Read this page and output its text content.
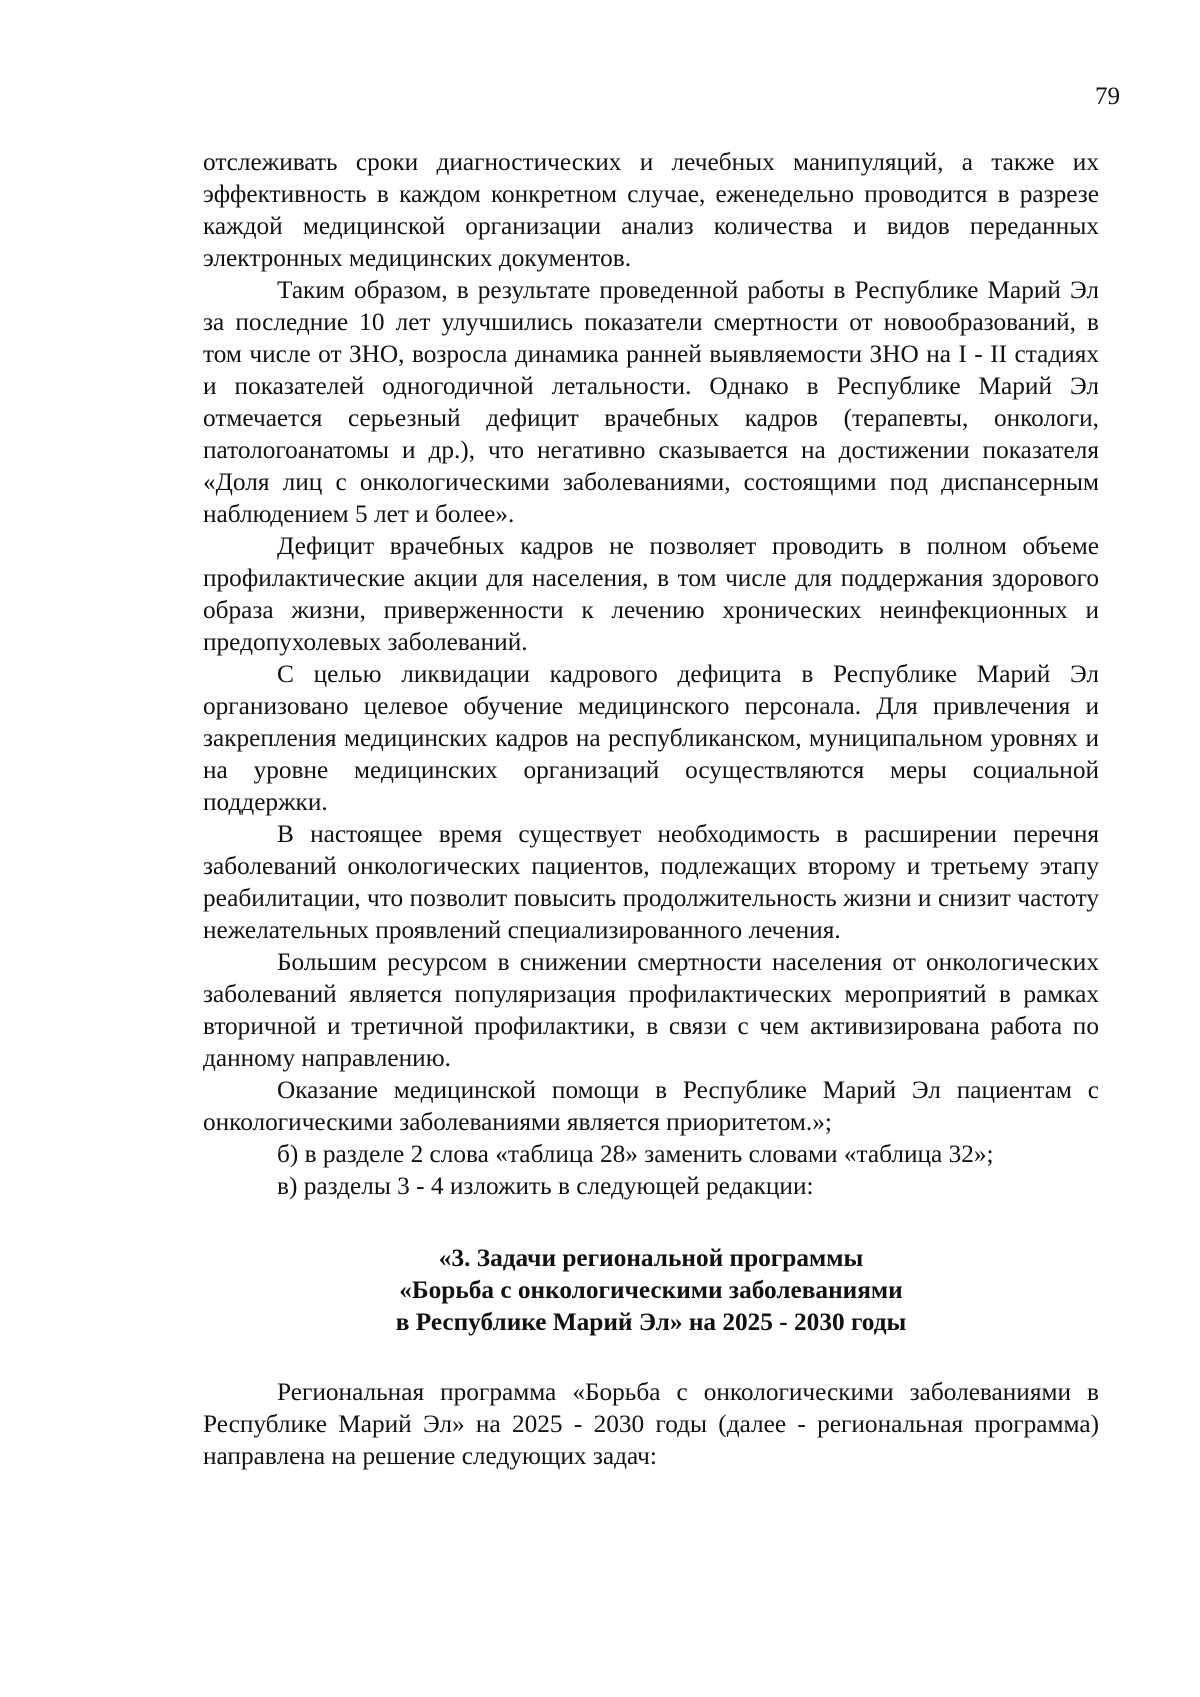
79

отслеживать сроки диагностических и лечебных манипуляций, а также их эффективность в каждом конкретном случае, еженедельно проводится в разрезе каждой медицинской организации анализ количества и видов переданных электронных медицинских документов.

Таким образом, в результате проведенной работы в Республике Марий Эл за последние 10 лет улучшились показатели смертности от новообразований, в том числе от ЗНО, возросла динамика ранней выявляемости ЗНО на I - II стадиях и показателей одногодичной летальности. Однако в Республике Марий Эл отмечается серьезный дефицит врачебных кадров (терапевты, онкологи, патологоанатомы и др.), что негативно сказывается на достижении показателя «Доля лиц с онкологическими заболеваниями, состоящими под диспансерным наблюдением 5 лет и более».

Дефицит врачебных кадров не позволяет проводить в полном объеме профилактические акции для населения, в том числе для поддержания здорового образа жизни, приверженности к лечению хронических неинфекционных и предопухолевых заболеваний.

С целью ликвидации кадрового дефицита в Республике Марий Эл организовано целевое обучение медицинского персонала. Для привлечения и закрепления медицинских кадров на республиканском, муниципальном уровнях и на уровне медицинских организаций осуществляются меры социальной поддержки.

В настоящее время существует необходимость в расширении перечня заболеваний онкологических пациентов, подлежащих второму и третьему этапу реабилитации, что позволит повысить продолжительность жизни и снизит частоту нежелательных проявлений специализированного лечения.

Большим ресурсом в снижении смертности населения от онкологических заболеваний является популяризация профилактических мероприятий в рамках вторичной и третичной профилактики, в связи с чем активизирована работа по данному направлению.

Оказание медицинской помощи в Республике Марий Эл пациентам с онкологическими заболеваниями является приоритетом.»;

б) в разделе 2 слова «таблица 28» заменить словами «таблица 32»;

в) разделы 3 - 4 изложить в следующей редакции:

«3. Задачи региональной программы
«Борьба с онкологическими заболеваниями
в Республике Марий Эл» на 2025 - 2030 годы

Региональная программа «Борьба с онкологическими заболеваниями в Республике Марий Эл» на 2025 - 2030 годы (далее - региональная программа) направлена на решение следующих задач:
